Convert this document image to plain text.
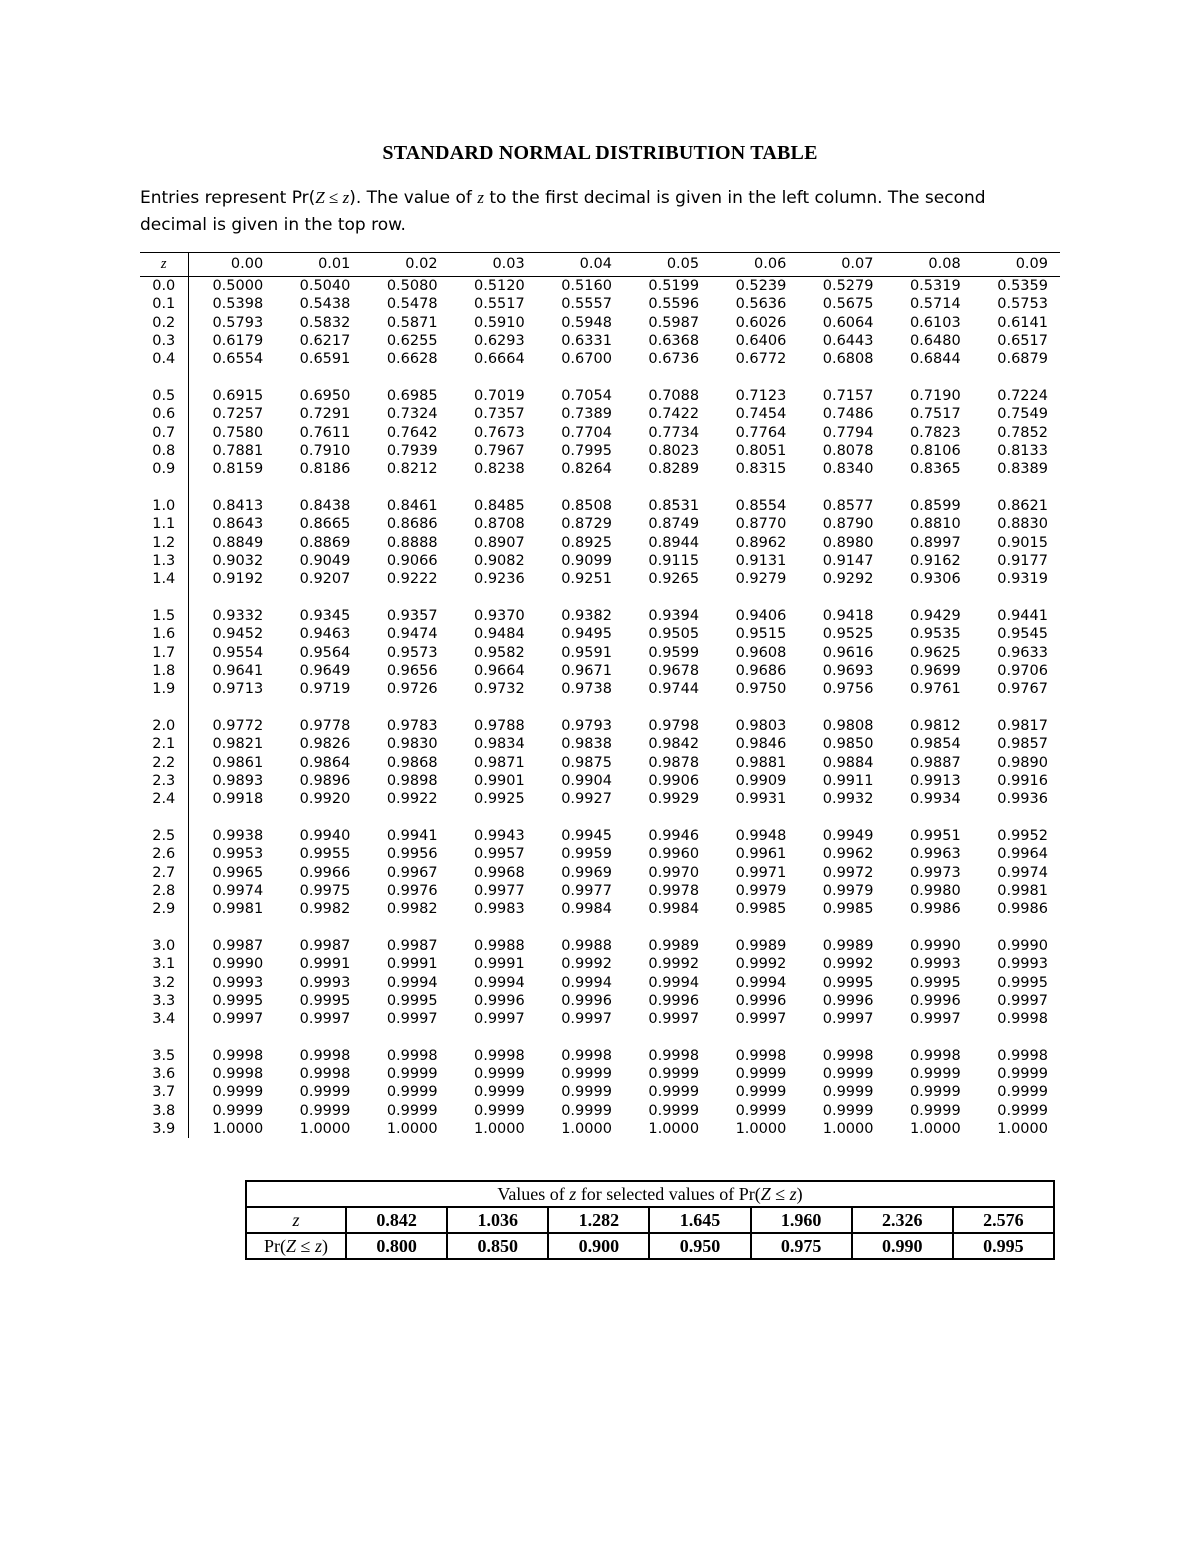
STANDARD NORMAL DISTRIBUTION TABLE
Entries represent Pr(Z ≤ z). The value of z to the first decimal is given in the left column. The second decimal is given in the top row.
z	0.00	0.01	0.02	0.03	0.04	0.05	0.06	0.07	0.08	0.09
0.0	0.5000	0.5040	0.5080	0.5120	0.5160	0.5199	0.5239	0.5279	0.5319	0.5359
0.1	0.5398	0.5438	0.5478	0.5517	0.5557	0.5596	0.5636	0.5675	0.5714	0.5753
0.2	0.5793	0.5832	0.5871	0.5910	0.5948	0.5987	0.6026	0.6064	0.6103	0.6141
0.3	0.6179	0.6217	0.6255	0.6293	0.6331	0.6368	0.6406	0.6443	0.6480	0.6517
0.4	0.6554	0.6591	0.6628	0.6664	0.6700	0.6736	0.6772	0.6808	0.6844	0.6879

0.5	0.6915	0.6950	0.6985	0.7019	0.7054	0.7088	0.7123	0.7157	0.7190	0.7224
0.6	0.7257	0.7291	0.7324	0.7357	0.7389	0.7422	0.7454	0.7486	0.7517	0.7549
0.7	0.7580	0.7611	0.7642	0.7673	0.7704	0.7734	0.7764	0.7794	0.7823	0.7852
0.8	0.7881	0.7910	0.7939	0.7967	0.7995	0.8023	0.8051	0.8078	0.8106	0.8133
0.9	0.8159	0.8186	0.8212	0.8238	0.8264	0.8289	0.8315	0.8340	0.8365	0.8389

1.0	0.8413	0.8438	0.8461	0.8485	0.8508	0.8531	0.8554	0.8577	0.8599	0.8621
1.1	0.8643	0.8665	0.8686	0.8708	0.8729	0.8749	0.8770	0.8790	0.8810	0.8830
1.2	0.8849	0.8869	0.8888	0.8907	0.8925	0.8944	0.8962	0.8980	0.8997	0.9015
1.3	0.9032	0.9049	0.9066	0.9082	0.9099	0.9115	0.9131	0.9147	0.9162	0.9177
1.4	0.9192	0.9207	0.9222	0.9236	0.9251	0.9265	0.9279	0.9292	0.9306	0.9319

1.5	0.9332	0.9345	0.9357	0.9370	0.9382	0.9394	0.9406	0.9418	0.9429	0.9441
1.6	0.9452	0.9463	0.9474	0.9484	0.9495	0.9505	0.9515	0.9525	0.9535	0.9545
1.7	0.9554	0.9564	0.9573	0.9582	0.9591	0.9599	0.9608	0.9616	0.9625	0.9633
1.8	0.9641	0.9649	0.9656	0.9664	0.9671	0.9678	0.9686	0.9693	0.9699	0.9706
1.9	0.9713	0.9719	0.9726	0.9732	0.9738	0.9744	0.9750	0.9756	0.9761	0.9767

2.0	0.9772	0.9778	0.9783	0.9788	0.9793	0.9798	0.9803	0.9808	0.9812	0.9817
2.1	0.9821	0.9826	0.9830	0.9834	0.9838	0.9842	0.9846	0.9850	0.9854	0.9857
2.2	0.9861	0.9864	0.9868	0.9871	0.9875	0.9878	0.9881	0.9884	0.9887	0.9890
2.3	0.9893	0.9896	0.9898	0.9901	0.9904	0.9906	0.9909	0.9911	0.9913	0.9916
2.4	0.9918	0.9920	0.9922	0.9925	0.9927	0.9929	0.9931	0.9932	0.9934	0.9936

2.5	0.9938	0.9940	0.9941	0.9943	0.9945	0.9946	0.9948	0.9949	0.9951	0.9952
2.6	0.9953	0.9955	0.9956	0.9957	0.9959	0.9960	0.9961	0.9962	0.9963	0.9964
2.7	0.9965	0.9966	0.9967	0.9968	0.9969	0.9970	0.9971	0.9972	0.9973	0.9974
2.8	0.9974	0.9975	0.9976	0.9977	0.9977	0.9978	0.9979	0.9979	0.9980	0.9981
2.9	0.9981	0.9982	0.9982	0.9983	0.9984	0.9984	0.9985	0.9985	0.9986	0.9986

3.0	0.9987	0.9987	0.9987	0.9988	0.9988	0.9989	0.9989	0.9989	0.9990	0.9990
3.1	0.9990	0.9991	0.9991	0.9991	0.9992	0.9992	0.9992	0.9992	0.9993	0.9993
3.2	0.9993	0.9993	0.9994	0.9994	0.9994	0.9994	0.9994	0.9995	0.9995	0.9995
3.3	0.9995	0.9995	0.9995	0.9996	0.9996	0.9996	0.9996	0.9996	0.9996	0.9997
3.4	0.9997	0.9997	0.9997	0.9997	0.9997	0.9997	0.9997	0.9997	0.9997	0.9998

3.5	0.9998	0.9998	0.9998	0.9998	0.9998	0.9998	0.9998	0.9998	0.9998	0.9998
3.6	0.9998	0.9998	0.9999	0.9999	0.9999	0.9999	0.9999	0.9999	0.9999	0.9999
3.7	0.9999	0.9999	0.9999	0.9999	0.9999	0.9999	0.9999	0.9999	0.9999	0.9999
3.8	0.9999	0.9999	0.9999	0.9999	0.9999	0.9999	0.9999	0.9999	0.9999	0.9999
3.9	1.0000	1.0000	1.0000	1.0000	1.0000	1.0000	1.0000	1.0000	1.0000	1.0000
Values of z for selected values of Pr(Z ≤ z)							
z	0.842	1.036	1.282	1.645	1.960	2.326	2.576
Pr(Z ≤ z)	0.800	0.850	0.900	0.950	0.975	0.990	0.995
